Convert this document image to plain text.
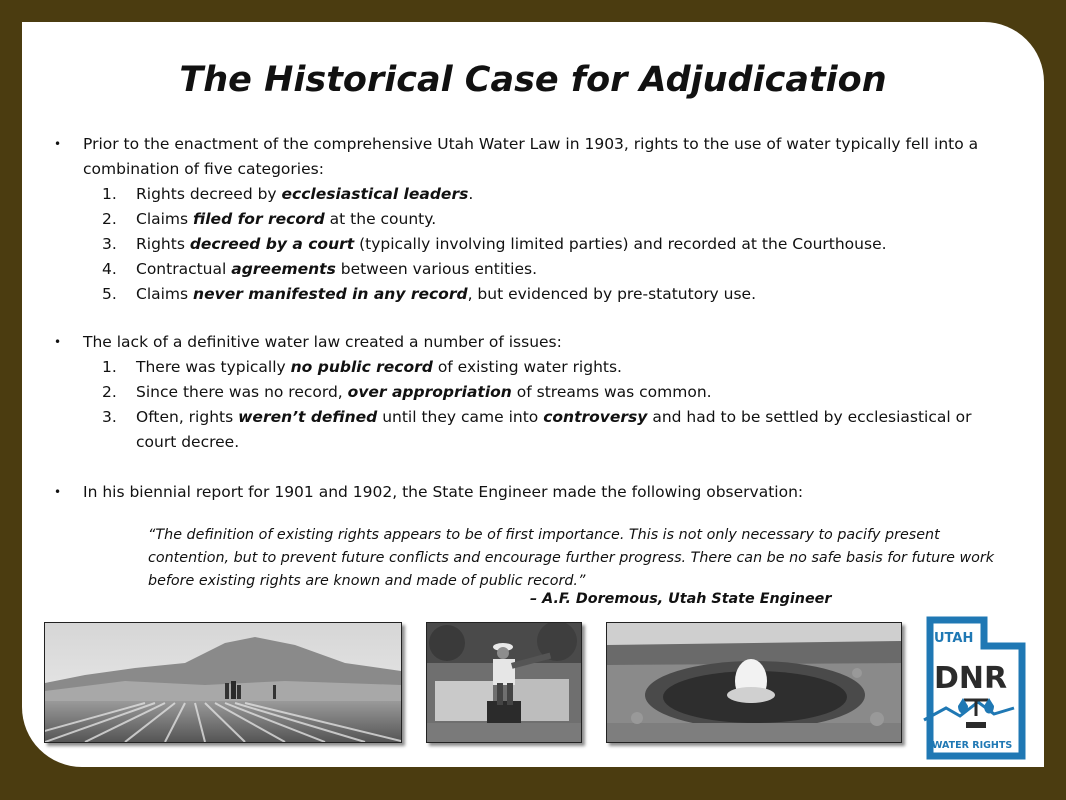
The Historical Case for Adjudication
• Prior to the enactment of the comprehensive Utah Water Law in 1903, rights to the use of water typically fell into a combination of five categories:
1. Rights decreed by ecclesiastical leaders.
2. Claims filed for record at the county.
3. Rights decreed by a court (typically involving limited parties) and recorded at the Courthouse.
4. Contractual agreements between various entities.
5. Claims never manifested in any record, but evidenced by pre-statutory use.
• The lack of a definitive water law created a number of issues:
1. There was typically no public record of existing water rights.
2. Since there was no record, over appropriation of streams was common.
3. Often, rights weren’t defined until they came into controversy and had to be settled by ecclesiastical or court decree.
• In his biennial report for 1901 and 1902, the State Engineer made the following observation:
“The definition of existing rights appears to be of first importance. This is not only necessary to pacify present contention, but to prevent future conflicts and encourage further progress. There can be no safe basis for future work before existing rights are known and made of public record.”
– A.F. Doremous, Utah State Engineer
UTAH
DNR
WATER RIGHTS
